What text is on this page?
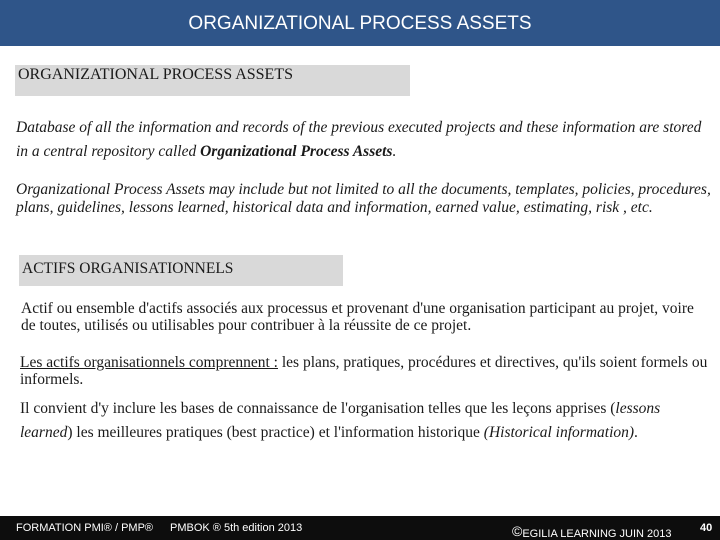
ORGANIZATIONAL PROCESS ASSETS
ORGANIZATIONAL PROCESS ASSETS
Database of all the information and records of the previous executed projects and these information are stored in a central repository called Organizational Process Assets.
Organizational Process Assets may include but not limited to all the documents, templates, policies, procedures, plans, guidelines, lessons learned, historical data and information, earned value, estimating, risk , etc.
ACTIFS ORGANISATIONNELS
Actif ou ensemble d'actifs associés aux processus et provenant d'une organisation participant au projet, voire de toutes, utilisés ou utilisables pour contribuer à la réussite de ce projet.
Les actifs organisationnels comprennent : les plans, pratiques, procédures et directives, qu'ils soient formels ou informels.
Il convient d'y inclure les bases de connaissance de l'organisation telles que les leçons apprises (lessons learned) les meilleures pratiques (best practice) et l'information historique (Historical information).
FORMATION PMI® / PMP® PMBOK ® 5th edition 2013	© EGILIA LEARNING JUIN 2013	40
